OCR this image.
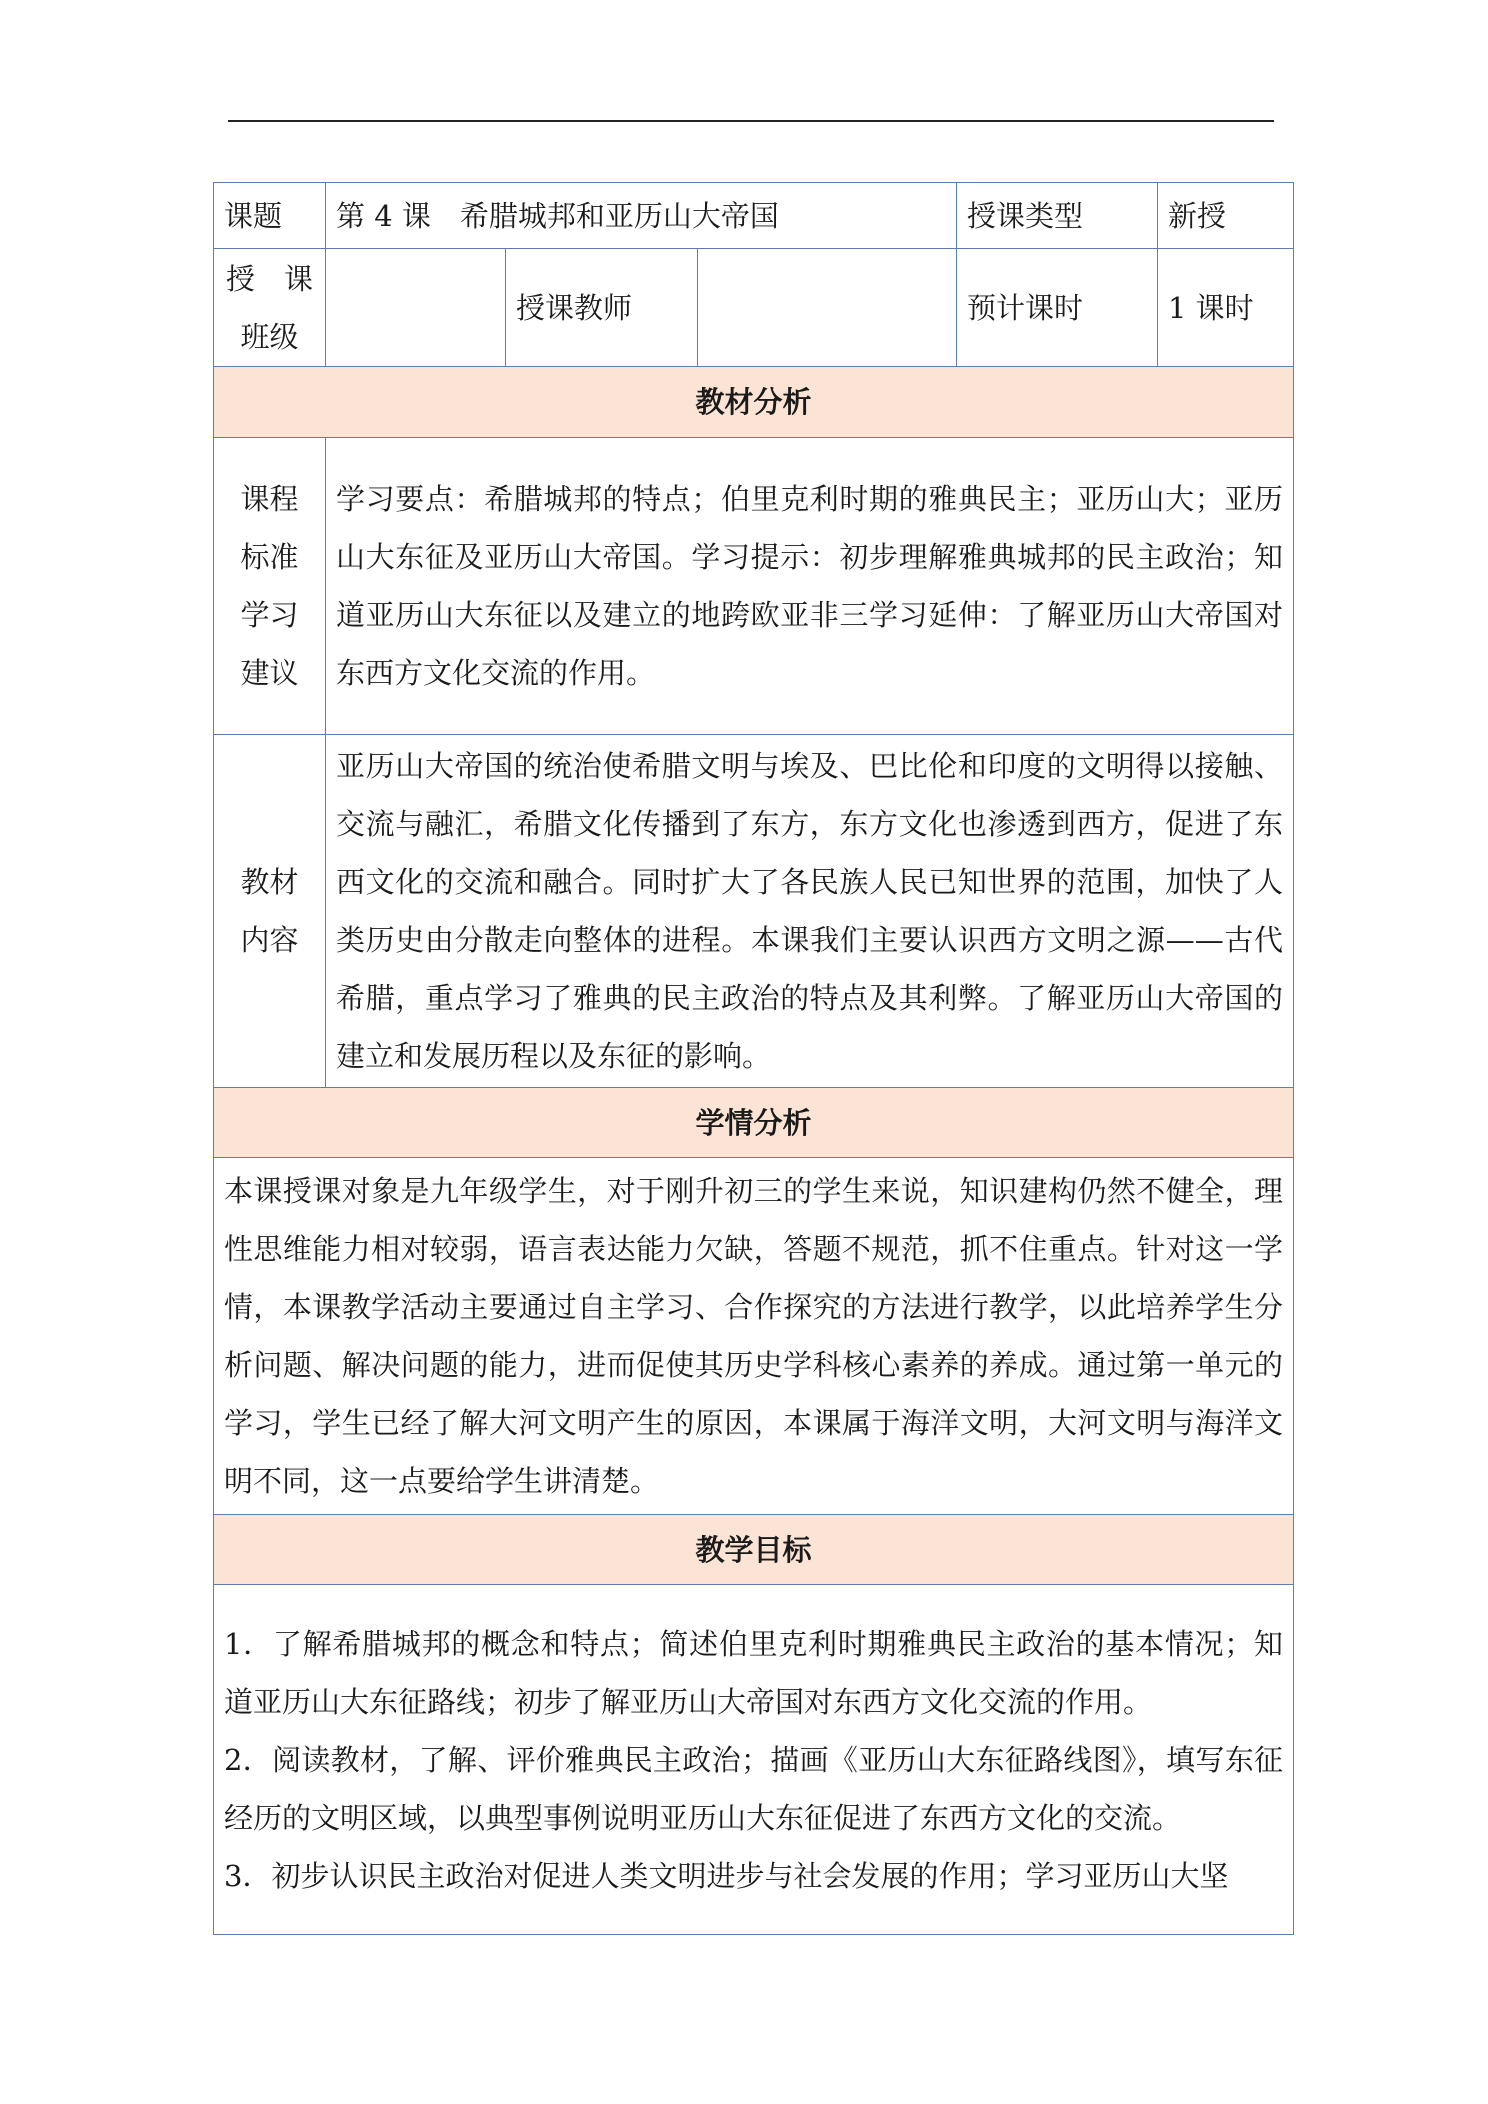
课题	第 4 课　希腊城邦和亚历山大帝国			授课类型	新授

授　课
班级		授课教师		预计课时	1 课时
教材分析					

课程
标准
学习
建议	学习要点：希腊城邦的特点；伯里克利时期的雅典民主；亚历山大；亚历山大东征及亚历山大帝国。学习提示：初步理解雅典城邦的民主政治；知道亚历山大东征以及建立的地跨欧亚非三学习延伸：了解亚历山大帝国对东西方文化交流的作用。				

教材
内容	亚历山大帝国的统治使希腊文明与埃及、巴比伦和印度的文明得以接触、交流与融汇，希腊文化传播到了东方，东方文化也渗透到西方，促进了东西文化的交流和融合。同时扩大了各民族人民已知世界的范围，加快了人类历史由分散走向整体的进程。本课我们主要认识西方文明之源——古代希腊，重点学习了雅典的民主政治的特点及其利弊。了解亚历山大帝国的建立和发展历程以及东征的影响。				
学情分析					
本课授课对象是九年级学生，对于刚升初三的学生来说，知识建构仍然不健全，理性思维能力相对较弱，语言表达能力欠缺，答题不规范，抓不住重点。针对这一学情，本课教学活动主要通过自主学习、合作探究的方法进行教学，以此培养学生分析问题、解决问题的能力，进而促使其历史学科核心素养的养成。通过第一单元的学习，学生已经了解大河文明产生的原因，本课属于海洋文明，大河文明与海洋文明不同，这一点要给学生讲清楚。					
教学目标					

1．了解希腊城邦的概念和特点；简述伯里克利时期雅典民主政治的基本情况；知道亚历山大东征路线；初步了解亚历山大帝国对东西方文化交流的作用。
2．阅读教材，了解、评价雅典民主政治；描画《亚历山大东征路线图》，填写东征经历的文明区域，以典型事例说明亚历山大东征促进了东西方文化的交流。
3．初步认识民主政治对促进人类文明进步与社会发展的作用；学习亚历山大坚					
